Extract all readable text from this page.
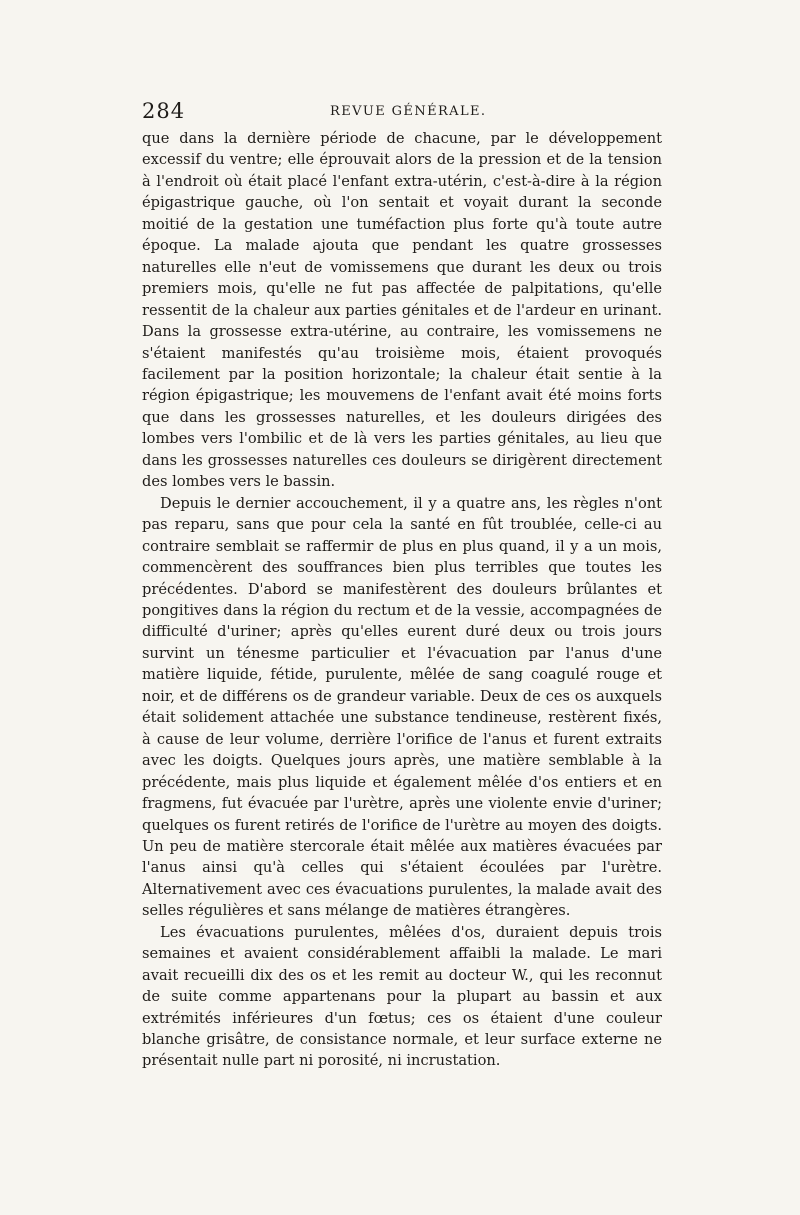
284	REVUE GÉNÉRALE.

que dans la dernière période de chacune, par le développement excessif du ventre; elle éprouvait alors de la pression et de la tension à l'endroit où était placé l'enfant extra-utérin, c'est-à-dire à la région épigastrique gauche, où l'on sentait et voyait durant la seconde moitié de la gestation une tuméfaction plus forte qu'à toute autre époque. La malade ajouta que pendant les quatre grossesses naturelles elle n'eut de vomissemens que durant les deux ou trois premiers mois, qu'elle ne fut pas affectée de palpitations, qu'elle ressentit de la chaleur aux parties génitales et de l'ardeur en urinant. Dans la grossesse extra-utérine, au contraire, les vomissemens ne s'étaient manifestés qu'au troisième mois, étaient provoqués facilement par la position horizontale; la chaleur était sentie à la région épigastrique; les mouvemens de l'enfant avait été moins forts que dans les grossesses naturelles, et les douleurs dirigées des lombes vers l'ombilic et de là vers les parties génitales, au lieu que dans les grossesses naturelles ces douleurs se dirigèrent directement des lombes vers le bassin.

Depuis le dernier accouchement, il y a quatre ans, les règles n'ont pas reparu, sans que pour cela la santé en fût troublée, celle-ci au contraire semblait se raffermir de plus en plus quand, il y a un mois, commencèrent des souffrances bien plus terribles que toutes les précédentes. D'abord se manifestèrent des douleurs brûlantes et pongitives dans la région du rectum et de la vessie, accompagnées de difficulté d'uriner; après qu'elles eurent duré deux ou trois jours survint un ténesme particulier et l'évacuation par l'anus d'une matière liquide, fétide, purulente, mêlée de sang coagulé rouge et noir, et de différens os de grandeur variable. Deux de ces os auxquels était solidement attachée une substance tendineuse, restèrent fixés, à cause de leur volume, derrière l'orifice de l'anus et furent extraits avec les doigts. Quelques jours après, une matière semblable à la précédente, mais plus liquide et également mêlée d'os entiers et en fragmens, fut évacuée par l'urètre, après une violente envie d'uriner; quelques os furent retirés de l'orifice de l'urètre au moyen des doigts. Un peu de matière stercorale était mêlée aux matières évacuées par l'anus ainsi qu'à celles qui s'étaient écoulées par l'urètre. Alternativement avec ces évacuations purulentes, la malade avait des selles régulières et sans mélange de matières étrangères.

Les évacuations purulentes, mêlées d'os, duraient depuis trois semaines et avaient considérablement affaibli la malade. Le mari avait recueilli dix des os et les remit au docteur W., qui les reconnut de suite comme appartenans pour la plupart au bassin et aux extrémités inférieures d'un fœtus; ces os étaient d'une couleur blanche grisâtre, de consistance normale, et leur surface externe ne présentait nulle part ni porosité, ni incrustation.
